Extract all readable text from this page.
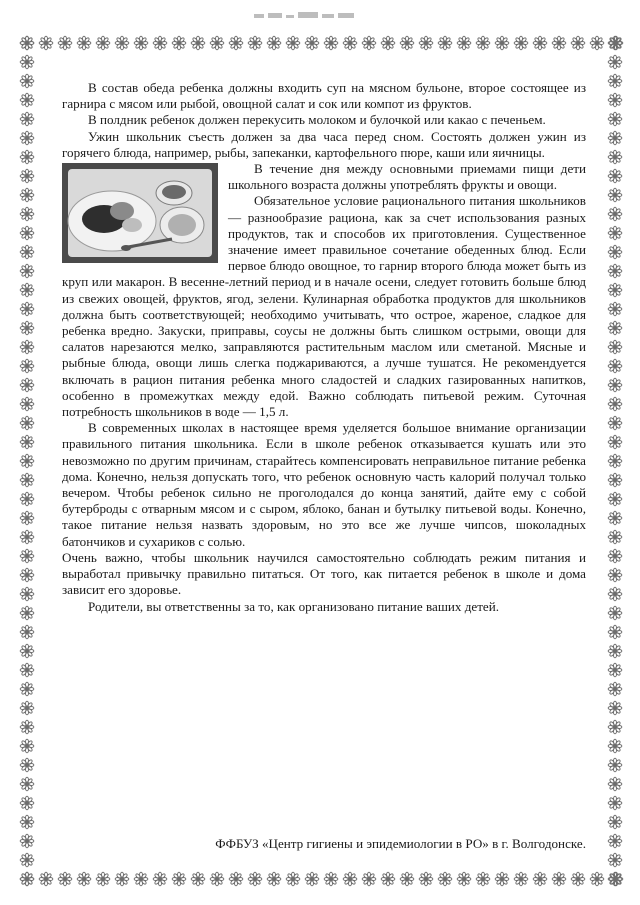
В состав обеда ребенка должны входить суп на мясном бульоне, второе состоящее из гарнира с мясом или рыбой, овощной салат и сок или компот из фруктов.

В полдник ребенок должен перекусить молоком и булочкой или какао с печеньем.

Ужин школьник съесть должен за два часа перед сном. Состоять должен ужин из горячего блюда, например, рыбы, запеканки, картофельного пюре, каши или яичницы.

В течение дня между основными приемами пищи дети школьного возраста должны употреблять фрукты и овощи.

Обязательное условие рационального питания школьников — разнообразие рациона, как за счет использования разных продуктов, так и способов их приготовления. Существенное значение имеет правильное сочетание обеденных блюд. Если первое блюдо овощное, то гарнир второго блюда может быть из круп или макарон. В весенне-летний период и в начале осени, следует готовить больше блюд из свежих овощей, фруктов, ягод, зелени. Кулинарная обработка продуктов для школьников должна быть соответствующей; необходимо учитывать, что острое, жареное, сладкое для ребенка вредно. Закуски, приправы, соусы не должны быть слишком острыми, овощи для салатов нарезаются мелко, заправляются растительным маслом или сметаной. Мясные и рыбные блюда, овощи лишь слегка поджариваются, а лучше тушатся. Не рекомендуется включать в рацион питания ребенка много сладостей и сладких газированных напитков, особенно в промежутках между едой. Важно соблюдать питьевой режим. Суточная потребность школьников в воде — 1,5 л.

В современных школах в настоящее время уделяется большое внимание организации правильного питания школьника. Если в школе ребенок отказывается кушать или это невозможно по другим причинам, старайтесь компенсировать неправильное питание ребенка дома. Конечно, нельзя допускать того, что ребенок основную часть калорий получал только вечером. Чтобы ребенок сильно не проголодался до конца занятий, дайте ему с собой бутерброды с отварным мясом и с сыром, яблоко, банан и бутылку питьевой воды. Конечно, такое питание нельзя назвать здоровым, но это все же лучше чипсов, шоколадных батончиков и сухариков с солью.

Очень важно, чтобы школьник научился самостоятельно соблюдать режим питания и выработал привычку правильно питаться. От того, как питается ребенок в школе и дома зависит его здоровье.

Родители, вы ответственны за то, как организовано питание ваших детей.

ФФБУЗ «Центр гигиены и эпидемиологии в РО» в г. Волгодонске.
